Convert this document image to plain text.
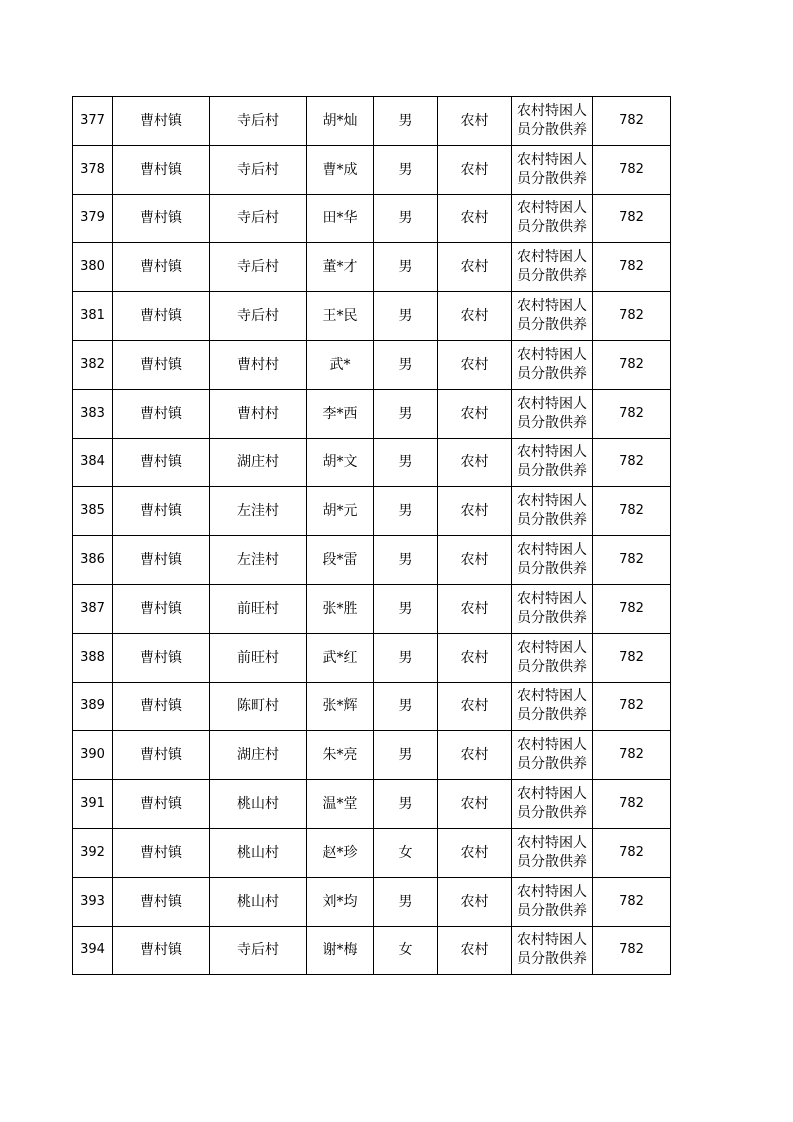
377	曹村镇	寺后村	胡*灿	男	农村	农村特困人
员分散供养	782
378	曹村镇	寺后村	曹*成	男	农村	农村特困人
员分散供养	782
379	曹村镇	寺后村	田*华	男	农村	农村特困人
员分散供养	782
380	曹村镇	寺后村	董*才	男	农村	农村特困人
员分散供养	782
381	曹村镇	寺后村	王*民	男	农村	农村特困人
员分散供养	782
382	曹村镇	曹村村	武*	男	农村	农村特困人
员分散供养	782
383	曹村镇	曹村村	李*西	男	农村	农村特困人
员分散供养	782
384	曹村镇	湖庄村	胡*文	男	农村	农村特困人
员分散供养	782
385	曹村镇	左洼村	胡*元	男	农村	农村特困人
员分散供养	782
386	曹村镇	左洼村	段*雷	男	农村	农村特困人
员分散供养	782
387	曹村镇	前旺村	张*胜	男	农村	农村特困人
员分散供养	782
388	曹村镇	前旺村	武*红	男	农村	农村特困人
员分散供养	782
389	曹村镇	陈町村	张*辉	男	农村	农村特困人
员分散供养	782
390	曹村镇	湖庄村	朱*亮	男	农村	农村特困人
员分散供养	782
391	曹村镇	桃山村	温*堂	男	农村	农村特困人
员分散供养	782
392	曹村镇	桃山村	赵*珍	女	农村	农村特困人
员分散供养	782
393	曹村镇	桃山村	刘*均	男	农村	农村特困人
员分散供养	782
394	曹村镇	寺后村	谢*梅	女	农村	农村特困人
员分散供养	782
